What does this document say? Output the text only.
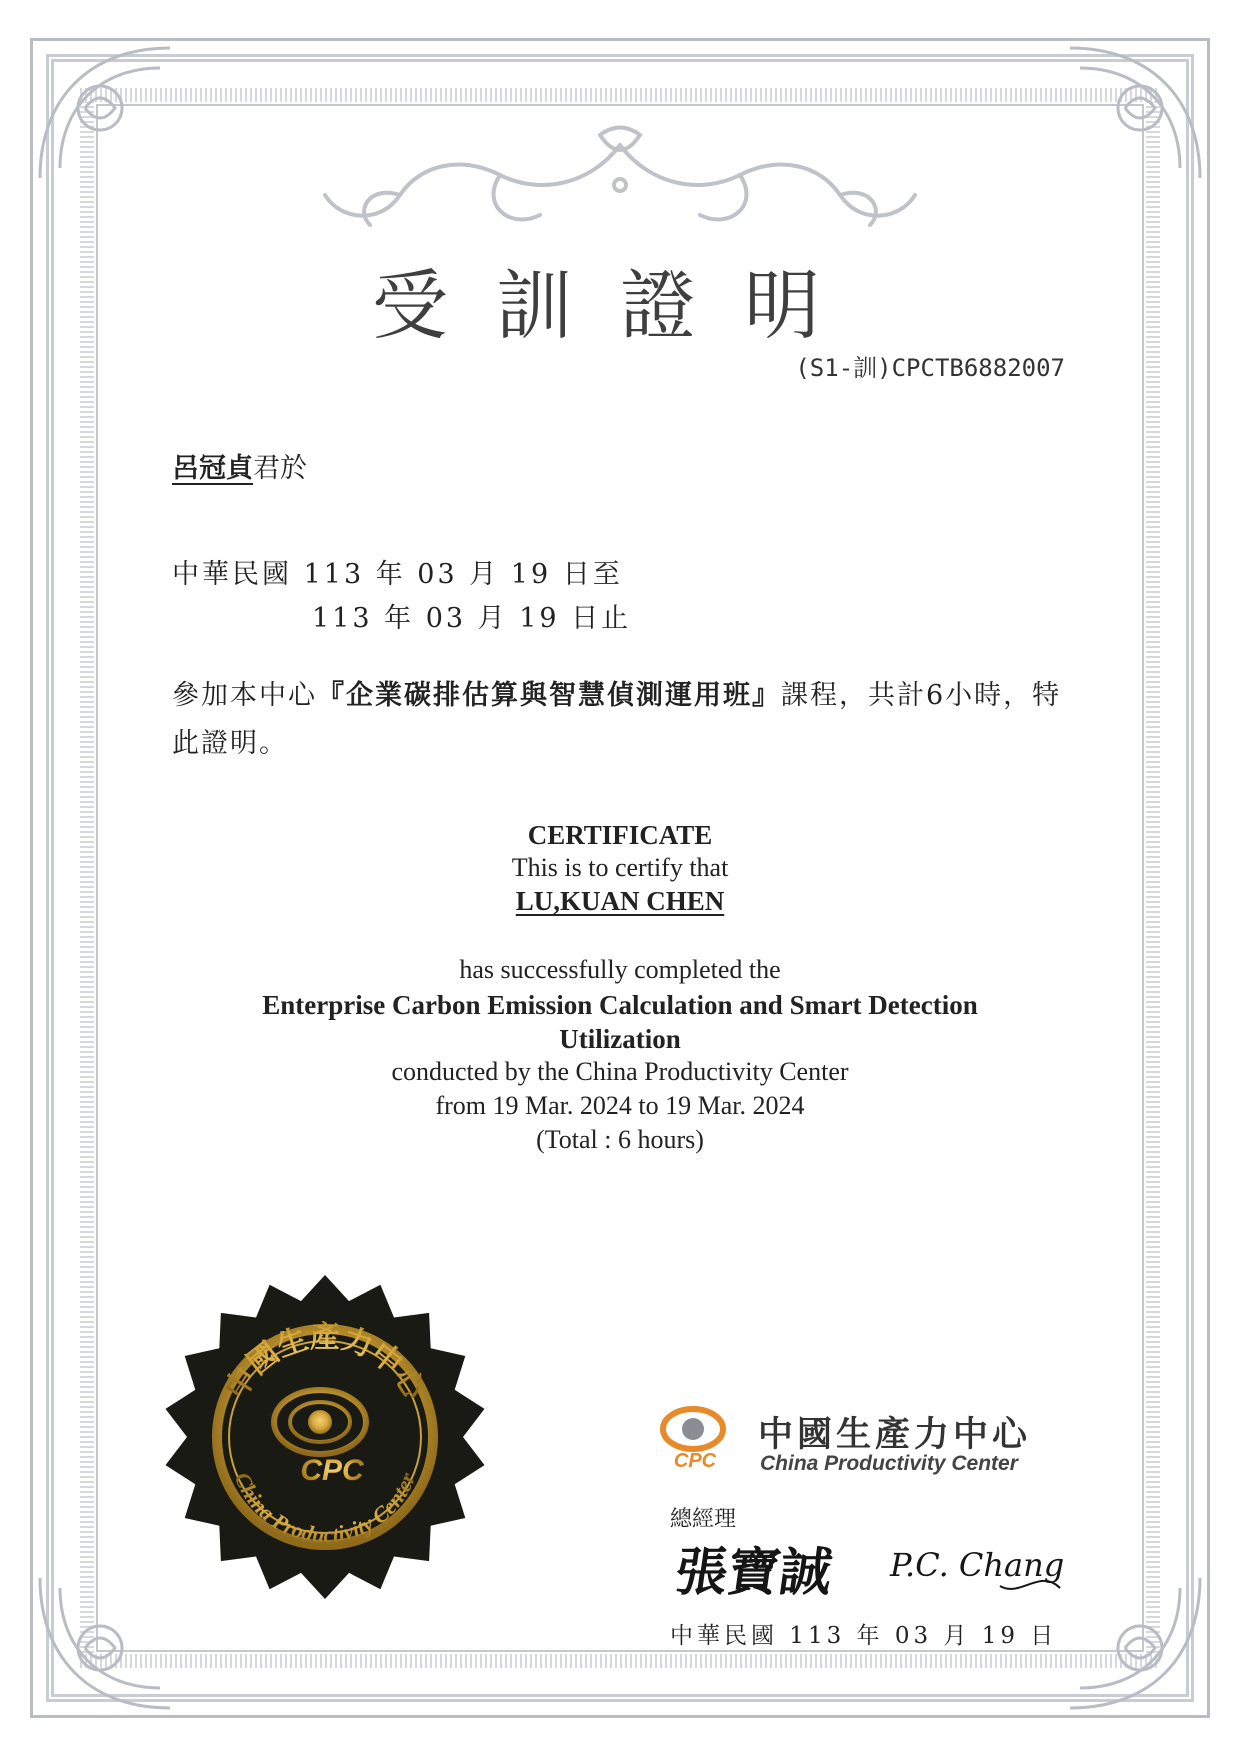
受訓證明
(S1-訓)CPCTB6882007
呂冠貞君於
中華民國 113 年 03 月 19 日至
113 年 03 月 19 日止
參加本中心『企業碳排估算與智慧偵測運用班』課程，共計6小時，特此證明。
CERTIFICATE
This is to certify that
LU,KUAN CHEN
has successfully completed the
Enterprise Carbon Emission Calculation and Smart Detection Utilization
conducted by the China Productivity Center
from 19 Mar. 2024 to 19 Mar. 2024
(Total : 6 hours)
中國生產力中心
China Productivity Center
CPC	CPC
中國生產力中心
China Productivity Center
總經理
張寶誠 P.C. Chang
中華民國 113 年 03 月 19 日
